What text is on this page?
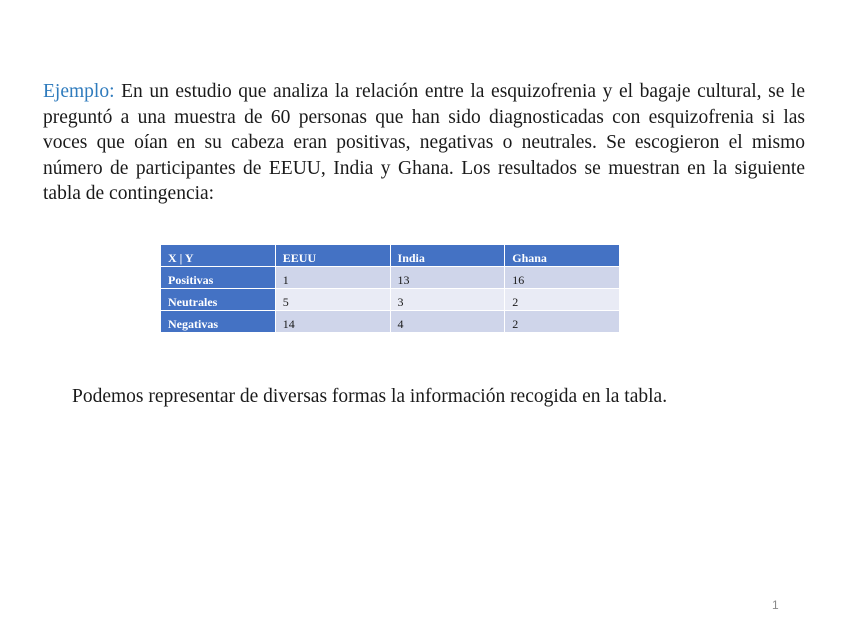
Ejemplo: En un estudio que analiza la relación entre la esquizofrenia y el bagaje cultural, se le preguntó a una muestra de 60 personas que han sido diagnosticadas con esquizofrenia si las voces que oían en su cabeza eran positivas, negativas o neutrales. Se escogieron el mismo número de participantes de EEUU, India y Ghana. Los resultados se muestran en la siguiente tabla de contingencia:

X | Y	EEUU	India	Ghana
Positivas	1	13	16
Neutrales	5	3	2
Negativas	14	4	2

Podemos representar de diversas formas la información recogida en la tabla.

1
